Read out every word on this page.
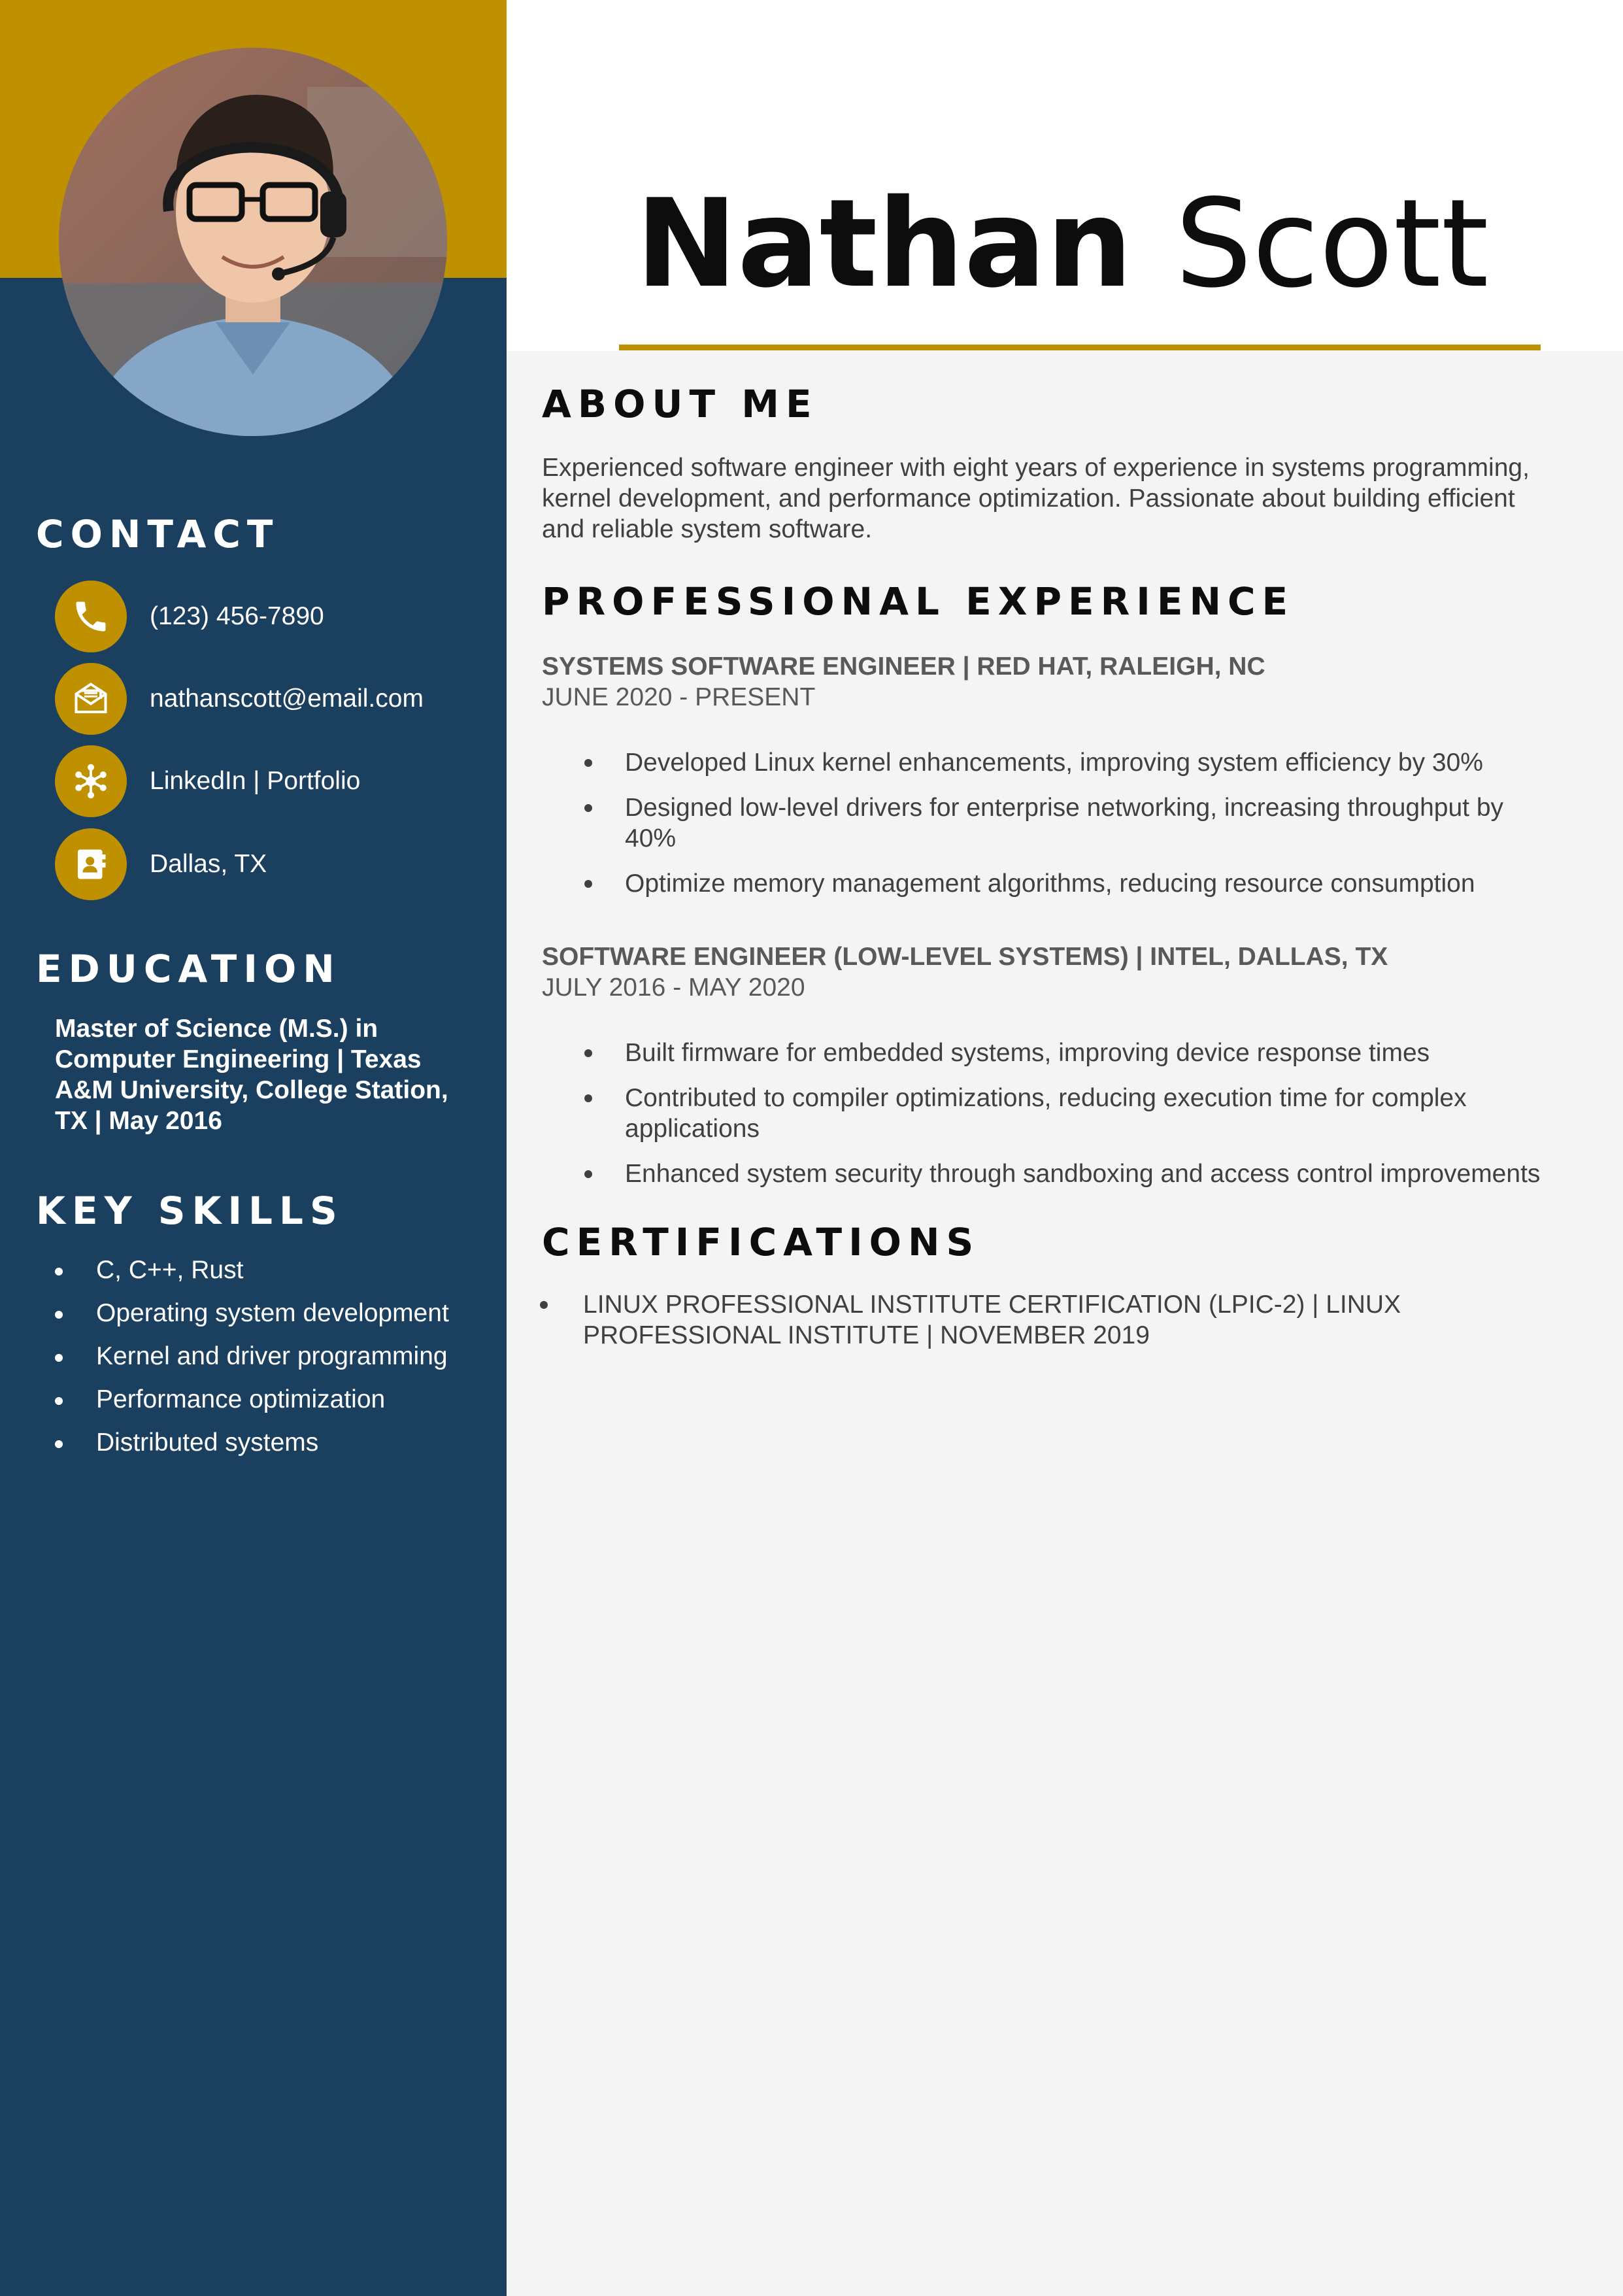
CONTACT
(123) 456-7890
nathanscott@email.com
LinkedIn | Portfolio
Dallas, TX
EDUCATION

Master of Science (M.S.) in Computer Engineering | Texas A&M University, College Station, TX | May 2016

KEY SKILLS
C, C++, Rust
Operating system development
Kernel and driver programming
Performance optimization
Distributed systems
Nathan Scott
ABOUT ME

Experienced software engineer with eight years of experience in systems programming, kernel development, and performance optimization. Passionate about building efficient and reliable system software.

PROFESSIONAL EXPERIENCE

SYSTEMS SOFTWARE ENGINEER | RED HAT, RALEIGH, NC

JUNE 2020 - PRESENT

Developed Linux kernel enhancements, improving system efficiency by 30%
Designed low-level drivers for enterprise networking, increasing throughput by 40%
Optimize memory management algorithms, reducing resource consumption

SOFTWARE ENGINEER (LOW-LEVEL SYSTEMS) | INTEL, DALLAS, TX

JULY 2016 - MAY 2020

Built firmware for embedded systems, improving device response times
Contributed to compiler optimizations, reducing execution time for complex applications
Enhanced system security through sandboxing and access control improvements
CERTIFICATIONS
LINUX PROFESSIONAL INSTITUTE CERTIFICATION (LPIC-2) | LINUX PROFESSIONAL INSTITUTE | NOVEMBER 2019
